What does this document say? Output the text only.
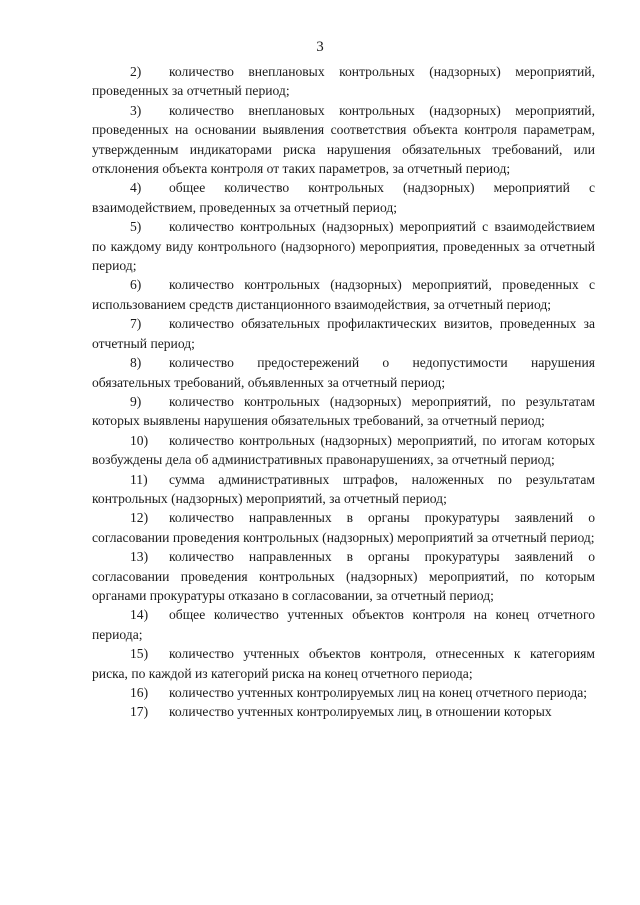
3

2) количество внеплановых контрольных (надзорных) мероприятий, проведенных за отчетный период;

3) количество внеплановых контрольных (надзорных) мероприятий, проведенных на основании выявления соответствия объекта контроля параметрам, утвержденным индикаторами риска нарушения обязательных требований, или отклонения объекта контроля от таких параметров, за отчетный период;

4) общее количество контрольных (надзорных) мероприятий с взаимодействием, проведенных за отчетный период;

5) количество контрольных (надзорных) мероприятий с взаимодействием по каждому виду контрольного (надзорного) мероприятия, проведенных за отчетный период;

6) количество контрольных (надзорных) мероприятий, проведенных с использованием средств дистанционного взаимодействия, за отчетный период;

7) количество обязательных профилактических визитов, проведенных за отчетный период;

8) количество предостережений о недопустимости нарушения обязательных требований, объявленных за отчетный период;

9) количество контрольных (надзорных) мероприятий, по результатам которых выявлены нарушения обязательных требований, за отчетный период;

10) количество контрольных (надзорных) мероприятий, по итогам которых возбуждены дела об административных правонарушениях, за отчетный период;

11) сумма административных штрафов, наложенных по результатам контрольных (надзорных) мероприятий, за отчетный период;

12) количество направленных в органы прокуратуры заявлений о согласовании проведения контрольных (надзорных) мероприятий за отчетный период;

13) количество направленных в органы прокуратуры заявлений о согласовании проведения контрольных (надзорных) мероприятий, по которым органами прокуратуры отказано в согласовании, за отчетный период;

14) общее количество учтенных объектов контроля на конец отчетного периода;

15) количество учтенных объектов контроля, отнесенных к категориям риска, по каждой из категорий риска на конец отчетного периода;

16) количество учтенных контролируемых лиц на конец отчетного периода;

17) количество учтенных контролируемых лиц, в отношении которых
